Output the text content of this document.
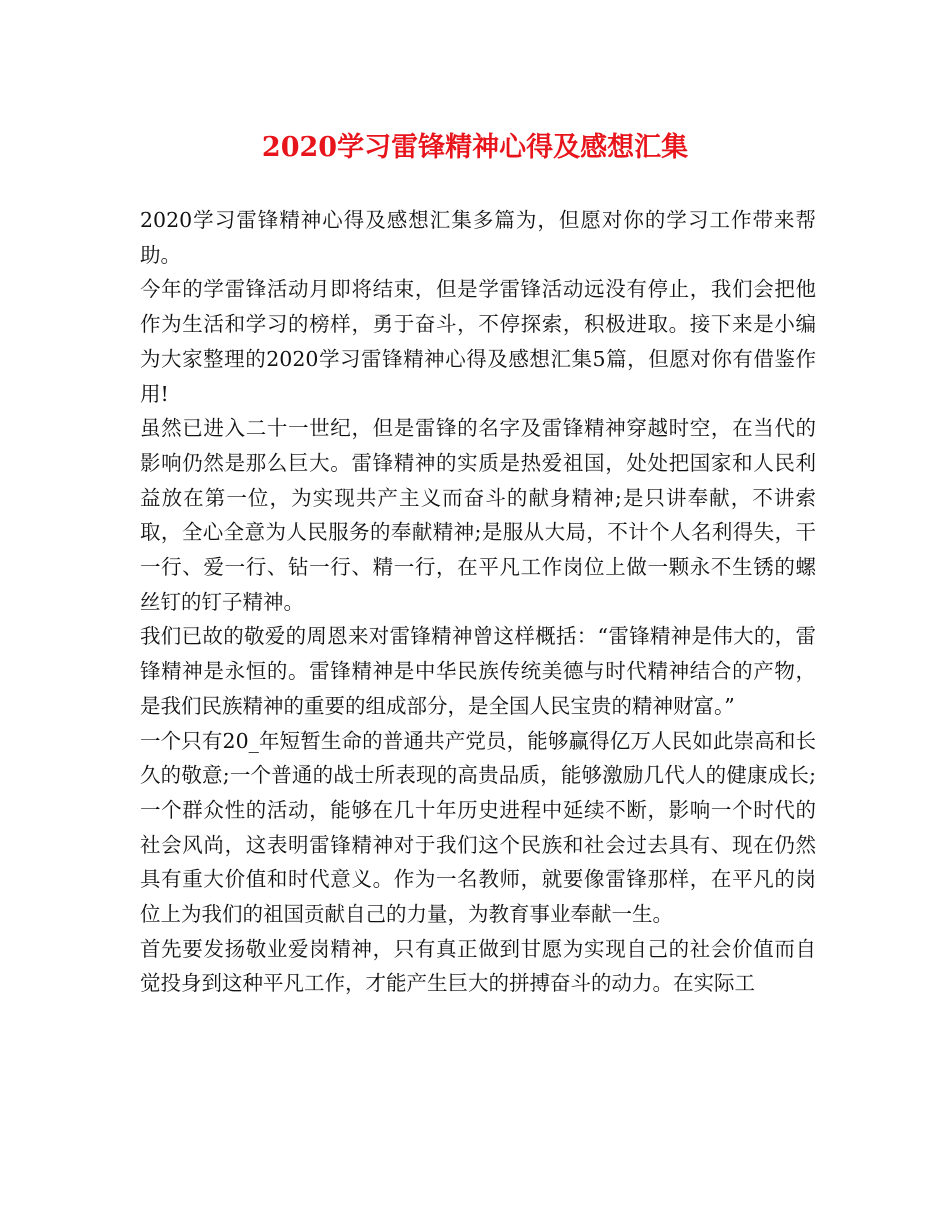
2020学习雷锋精神心得及感想汇集

2020学习雷锋精神心得及感想汇集多篇为，但愿对你的学习工作带来帮助。

今年的学雷锋活动月即将结束，但是学雷锋活动远没有停止，我们会把他作为生活和学习的榜样，勇于奋斗，不停探索，积极进取。接下来是小编为大家整理的2020学习雷锋精神心得及感想汇集5篇，但愿对你有借鉴作用!

虽然已进入二十一世纪，但是雷锋的名字及雷锋精神穿越时空，在当代的影响仍然是那么巨大。雷锋精神的实质是热爱祖国，处处把国家和人民利益放在第一位，为实现共产主义而奋斗的献身精神;是只讲奉献，不讲索取，全心全意为人民服务的奉献精神;是服从大局，不计个人名利得失，干一行、爱一行、钻一行、精一行，在平凡工作岗位上做一颗永不生锈的螺丝钉的钉子精神。

我们已故的敬爱的周恩来对雷锋精神曾这样概括：“雷锋精神是伟大的，雷锋精神是永恒的。雷锋精神是中华民族传统美德与时代精神结合的产物，是我们民族精神的重要的组成部分，是全国人民宝贵的精神财富。”

一个只有20_年短暂生命的普通共产党员，能够赢得亿万人民如此崇高和长久的敬意;一个普通的战士所表现的高贵品质，能够激励几代人的健康成长;一个群众性的活动，能够在几十年历史进程中延续不断，影响一个时代的社会风尚，这表明雷锋精神对于我们这个民族和社会过去具有、现在仍然具有重大价值和时代意义。作为一名教师，就要像雷锋那样，在平凡的岗位上为我们的祖国贡献自己的力量，为教育事业奉献一生。

首先要发扬敬业爱岗精神，只有真正做到甘愿为实现自己的社会价值而自觉投身到这种平凡工作，才能产生巨大的拼搏奋斗的动力。在实际工
